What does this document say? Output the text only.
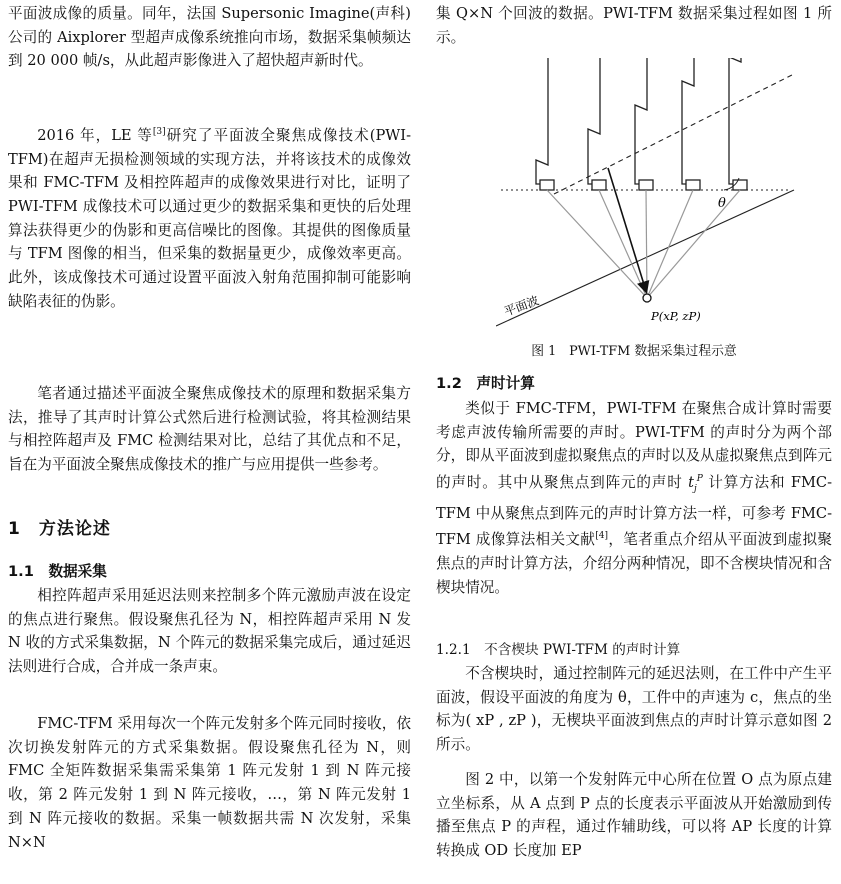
平面波成像的质量。同年，法国 Supersonic Imagine(声科)公司的 Aixplorer 型超声成像系统推向市场，数据采集帧频达到 20 000 帧/s，从此超声影像进入了超快超声新时代。

2016 年，LE 等[3]研究了平面波全聚焦成像技术(PWI-TFM)在超声无损检测领域的实现方法，并将该技术的成像效果和 FMC-TFM 及相控阵超声的成像效果进行对比，证明了 PWI-TFM 成像技术可以通过更少的数据采集和更快的后处理算法获得更少的伪影和更高信噪比的图像。其提供的图像质量与 TFM 图像的相当，但采集的数据量更少，成像效率更高。此外，该成像技术可通过设置平面波入射角范围抑制可能影响缺陷表征的伪影。

笔者通过描述平面波全聚焦成像技术的原理和数据采集方法，推导了其声时计算公式然后进行检测试验，将其检测结果与相控阵超声及 FMC 检测结果对比，总结了其优点和不足，旨在为平面波全聚焦成像技术的推广与应用提供一些参考。

1　方法论述
1.1　数据采集

相控阵超声采用延迟法则来控制多个阵元激励声波在设定的焦点进行聚焦。假设聚焦孔径为 N，相控阵超声采用 N 发 N 收的方式采集数据，N 个阵元的数据采集完成后，通过延迟法则进行合成，合并成一条声束。

FMC-TFM 采用每次一个阵元发射多个阵元同时接收，依次切换发射阵元的方式采集数据。假设聚焦孔径为 N，则 FMC 全矩阵数据采集需采集第 1 阵元发射 1 到 N 阵元接收，第 2 阵元发射 1 到 N 阵元接收，…，第 N 阵元发射 1 到 N 阵元接收的数据。采集一帧数据共需 N 次发射，采集 N×N

集 Q×N 个回波的数据。PWI-TFM 数据采集过程如图 1 所示。

θ
P(xP, zP)
平面波
图 1　PWI-TFM 数据采集过程示意
1.2　声时计算

类似于 FMC-TFM，PWI-TFM 在聚焦合成计算时需要考虑声波传输所需要的声时。PWI-TFM 的声时分为两个部分，即从平面波到虚拟聚焦点的声时以及从虚拟聚焦点到阵元的声时。其中从聚焦点到阵元的声时 $t_j^P$ 计算方法和 FMC-TFM 中从聚焦点到阵元的声时计算方法一样，可参考 FMC-TFM 成像算法相关文献[4]，笔者重点介绍从平面波到虚拟聚焦点的声时计算方法，介绍分两种情况，即不含楔块情况和含楔块情况。

1.2.1　不含楔块 PWI-TFM 的声时计算

不含楔块时，通过控制阵元的延迟法则，在工件中产生平面波，假设平面波的角度为 θ，工件中的声速为 c，焦点的坐标为( xP , zP )，无楔块平面波到焦点的声时计算示意如图 2 所示。

图 2 中，以第一个发射阵元中心所在位置 O 点为原点建立坐标系，从 A 点到 P 点的长度表示平面波从开始激励到传播至焦点 P 的声程，通过作辅助线，可以将 AP 长度的计算转换成 OD 长度加 EP
